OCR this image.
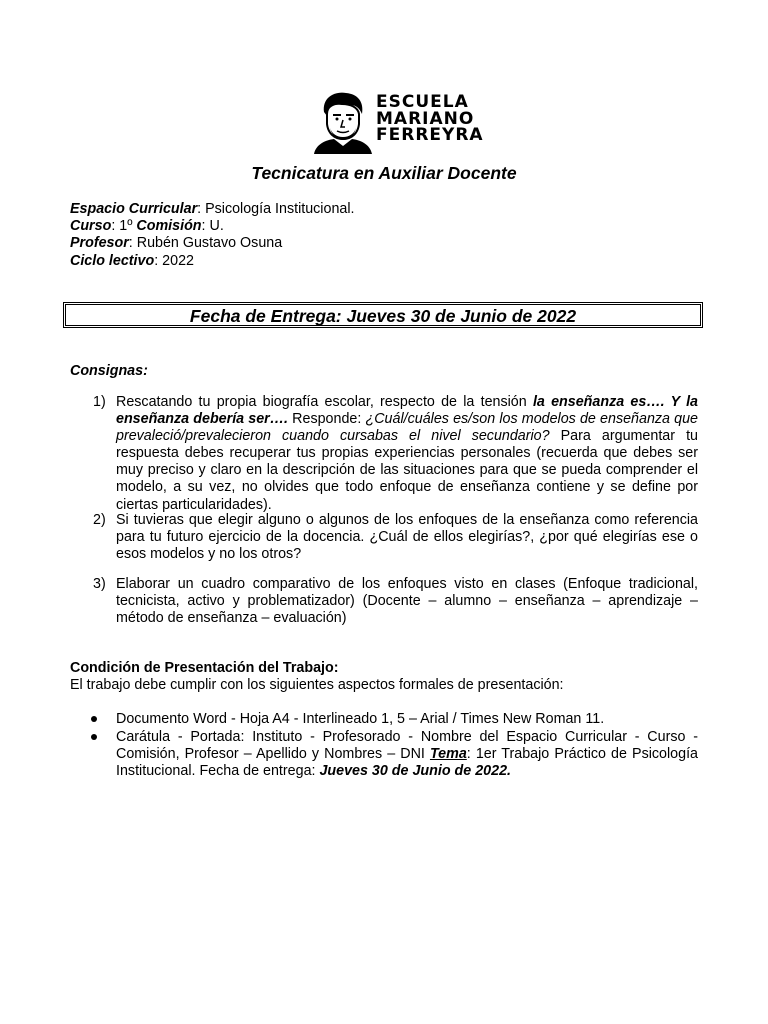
ESCUELA
MARIANO
FERREYRA
Tecnicatura en Auxiliar Docente
Espacio Curricular: Psicología Institucional.
Curso: 1º Comisión: U.
Profesor: Rubén Gustavo Osuna
Ciclo lectivo: 2022
Fecha de Entrega: Jueves 30 de Junio de 2022
Consignas:
1) Rescatando tu propia biografía escolar, respecto de la tensión la enseñanza es…. Y la enseñanza debería ser…. Responde: ¿Cuál/cuáles es/son los modelos de enseñanza que prevaleció/prevalecieron cuando cursabas el nivel secundario? Para argumentar tu respuesta debes recuperar tus propias experiencias personales (recuerda que debes ser muy preciso y claro en la descripción de las situaciones para que se pueda comprender el modelo, a su vez, no olvides que todo enfoque de enseñanza contiene y se define por ciertas particularidades).
2) Si tuvieras que elegir alguno o algunos de los enfoques de la enseñanza como referencia para tu futuro ejercicio de la docencia. ¿Cuál de ellos elegirías?, ¿por qué elegirías ese o esos modelos y no los otros?
3) Elaborar un cuadro comparativo de los enfoques visto en clases (Enfoque tradicional, tecnicista, activo y problematizador) (Docente – alumno – enseñanza – aprendizaje – método de enseñanza – evaluación)
Condición de Presentación del Trabajo:
El trabajo debe cumplir con los siguientes aspectos formales de presentación:
Documento Word - Hoja A4 - Interlineado 1, 5 – Arial / Times New Roman 11.
Carátula - Portada: Instituto - Profesorado - Nombre del Espacio Curricular - Curso - Comisión, Profesor – Apellido y Nombres – DNI Tema: 1er Trabajo Práctico de Psicología Institucional. Fecha de entrega: Jueves 30 de Junio de 2022.
